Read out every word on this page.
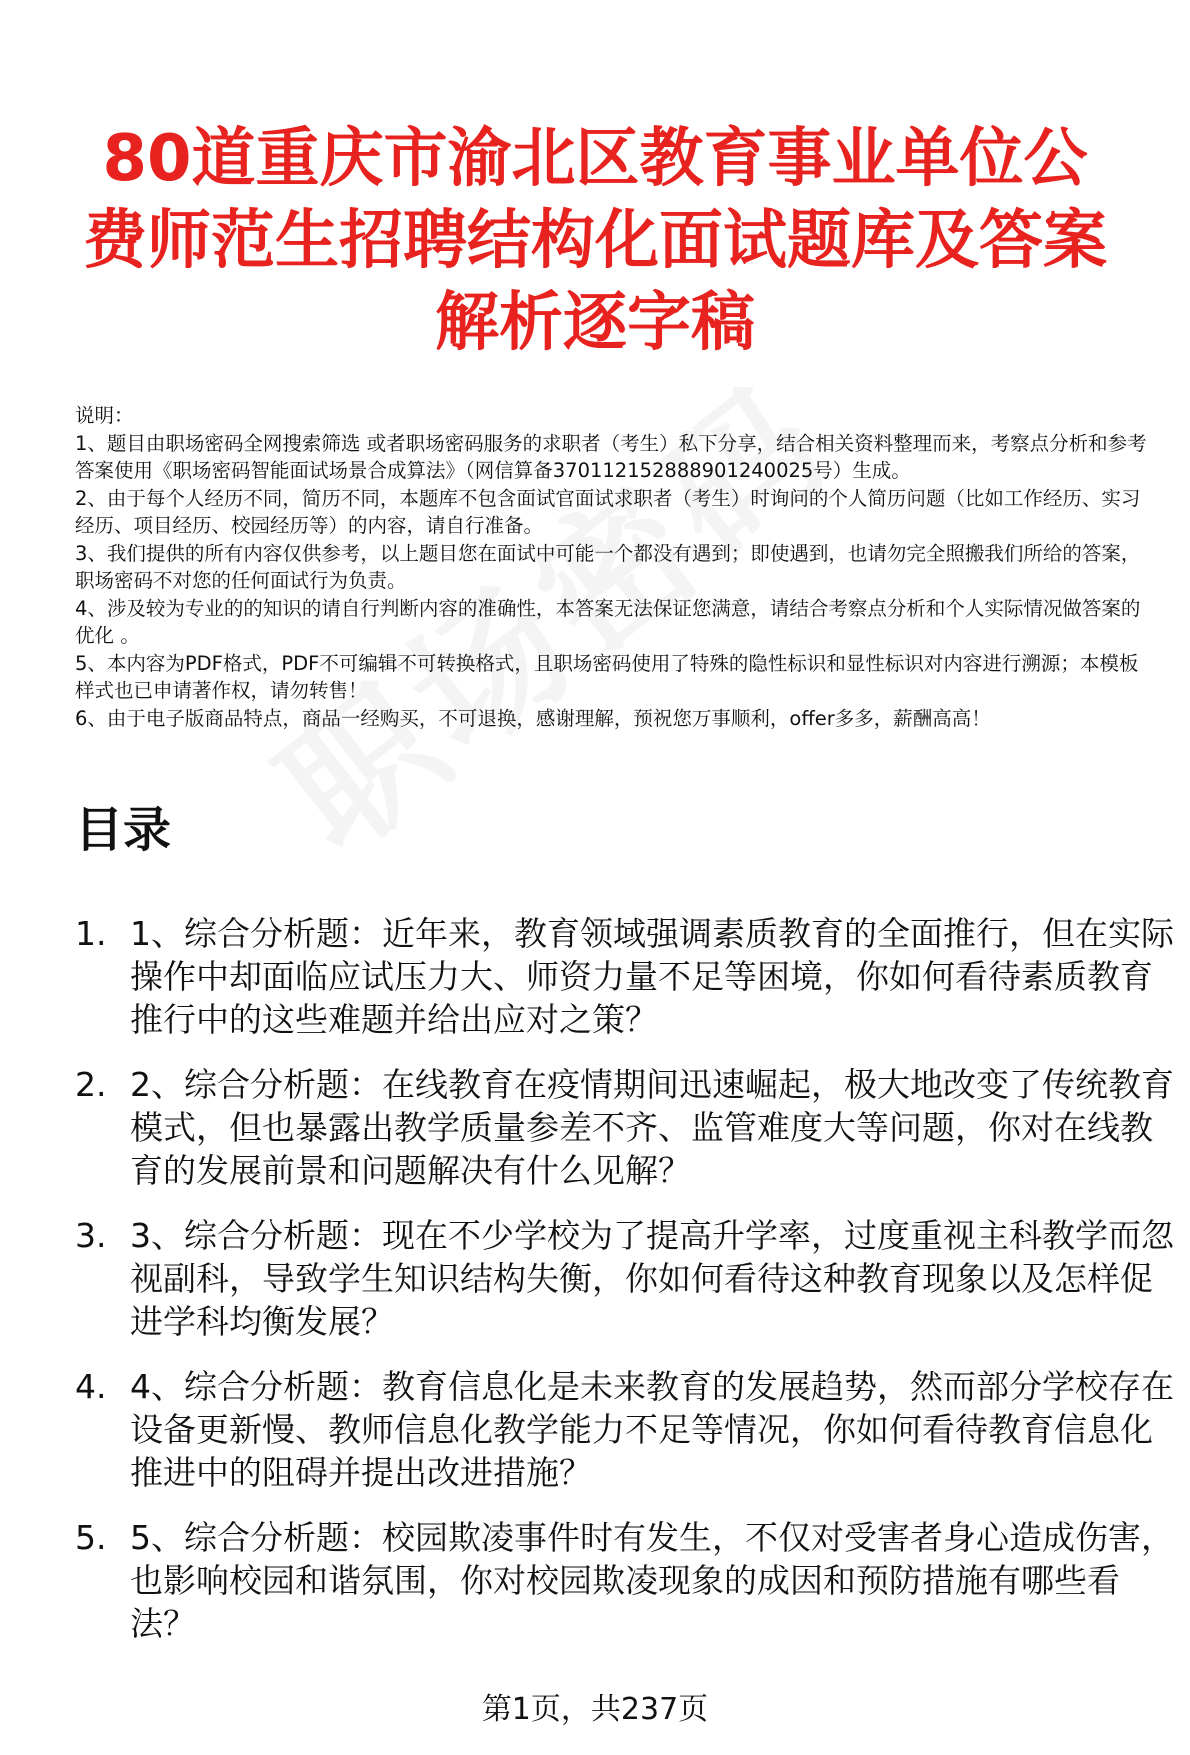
80道重庆市渝北区教育事业单位公费师范生招聘结构化面试题库及答案解析逐字稿

说明：

1、题目由职场密码全网搜索筛选 或者职场密码服务的求职者（考生）私下分享，结合相关资料整理而来，考察点分析和参考答案使用《职场密码智能面试场景合成算法》（网信算备370112152888901240025号）生成。

2、由于每个人经历不同，简历不同，本题库不包含面试官面试求职者（考生）时询问的个人简历问题（比如工作经历、实习经历、项目经历、校园经历等）的内容，请自行准备。

3、我们提供的所有内容仅供参考，以上题目您在面试中可能一个都没有遇到；即使遇到，也请勿完全照搬我们所给的答案，职场密码不对您的任何面试行为负责。

4、涉及较为专业的的知识的请自行判断内容的准确性，本答案无法保证您满意，请结合考察点分析和个人实际情况做答案的优化 。

5、本内容为PDF格式，PDF不可编辑不可转换格式，且职场密码使用了特殊的隐性标识和显性标识对内容进行溯源；本模板样式也已申请著作权，请勿转售！

6、由于电子版商品特点，商品一经购买，不可退换，感谢理解，预祝您万事顺利，offer多多，薪酬高高！

目录
1. 1、综合分析题：近年来，教育领域强调素质教育的全面推行，但在实际操作中却面临应试压力大、师资力量不足等困境，你如何看待素质教育推行中的这些难题并给出应对之策？
2. 2、综合分析题：在线教育在疫情期间迅速崛起，极大地改变了传统教育模式，但也暴露出教学质量参差不齐、监管难度大等问题，你对在线教育的发展前景和问题解决有什么见解？
3. 3、综合分析题：现在不少学校为了提高升学率，过度重视主科教学而忽视副科，导致学生知识结构失衡，你如何看待这种教育现象以及怎样促进学科均衡发展？
4. 4、综合分析题：教育信息化是未来教育的发展趋势，然而部分学校存在设备更新慢、教师信息化教学能力不足等情况，你如何看待教育信息化推进中的阻碍并提出改进措施？
5. 5、综合分析题：校园欺凌事件时有发生，不仅对受害者身心造成伤害，也影响校园和谐氛围，你对校园欺凌现象的成因和预防措施有哪些看法？
第1页，共237页
